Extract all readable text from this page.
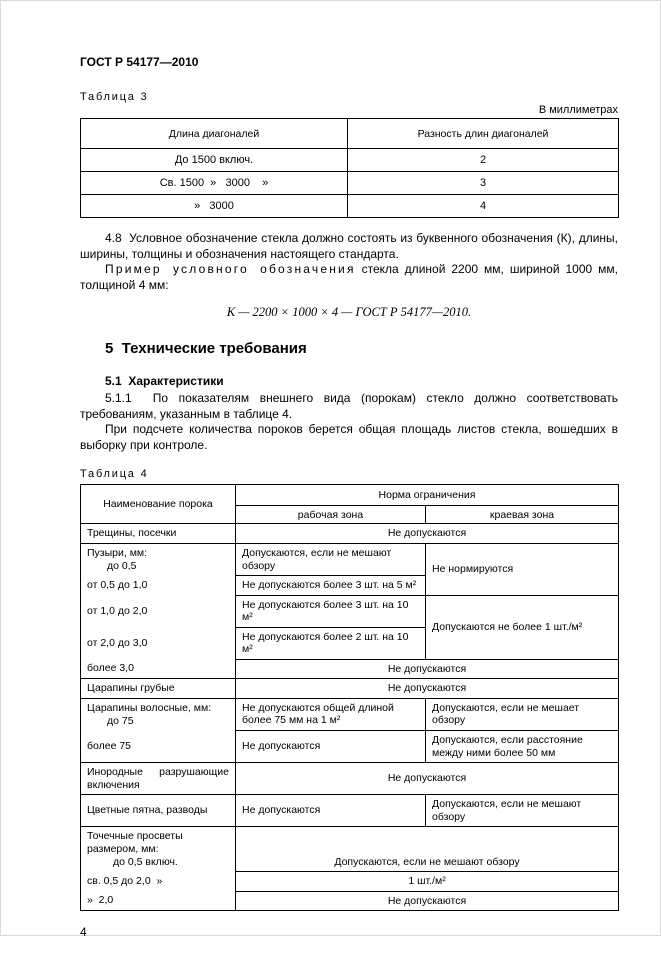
ГОСТ Р 54177—2010
Таблица 3
В миллиметрах
Длина диагоналей	Разность длин диагоналей
До 1500 включ.	2
Св. 1500  »   3000    »	3
»   3000	4

4.8  Условное обозначение стекла должно состоять из буквенного обозначения (К), длины, ширины, толщины и обозначения настоящего стандарта.

Пример условного обозначения стекла длиной 2200 мм, шириной 1000 мм, толщиной 4 мм:

К — 2200 × 1000 × 4 — ГОСТ Р 54177—2010.
5  Технические требования
5.1  Характеристики

5.1.1  По показателям внешнего вида (порокам) стекло должно соответствовать требованиям, указанным в таблице 4.

При подсчете количества пороков берется общая площадь листов стекла, вошедших в выборку при контроле.

Таблица 4
Наименование порока	Норма ограничения	
	рабочая зона	краевая зона
Трещины, посечки	Не допускаются	

Пузыри, мм:
до 0,5	Допускаются, если не мешают обзору	Не нормируются
от 0,5 до 1,0	Не допускаются более 3 шт. на 5 м²	
от 1,0 до 2,0	Не допускаются более 3 шт. на 10 м²	Допускаются не более 1 шт./м²
от 2,0 до 3,0	Не допускаются более 2 шт. на 10 м²	
более 3,0	Не допускаются	
Царапины грубые	Не допускаются	

Царапины волосные, мм:
до 75	Не допускаются общей длиной более 75 мм на 1 м²	Допускаются, если не мешает обзору
более 75	Не допускаются	Допускаются, если расстояние между ними более 50 мм
Инородные разрушающие включения	Не допускаются	
Цветные пятна, разводы	Не допускаются	Допускаются, если не мешают обзору

Точечные просветы размером, мм:
до 0,5 включ.	Допускаются, если не мешают обзору	
св. 0,5 до 2,0  »	1 шт./м²	
»  2,0	Не допускаются	
4
